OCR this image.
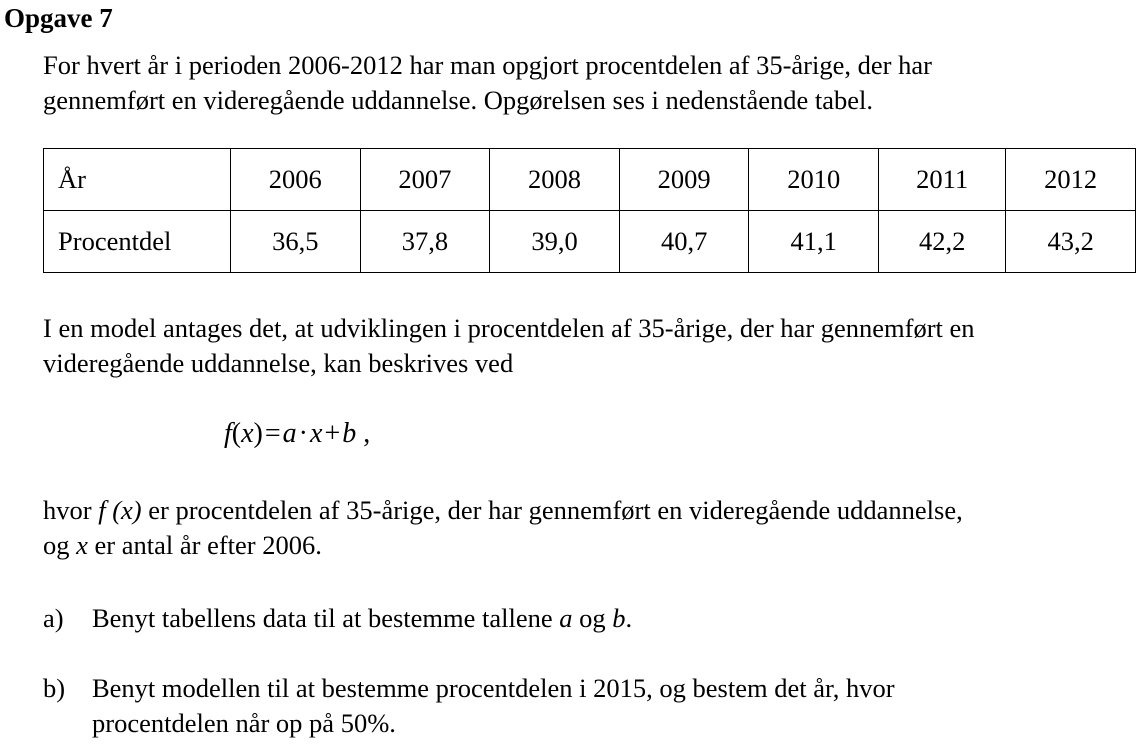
Opgave 7

For hvert år i perioden 2006-2012 har man opgjort procentdelen af 35-årige, der har
gennemført en videregående uddannelse. Opgørelsen ses i nedenstående tabel.

År	2006	2007	2008	2009	2010	2011	2012
Procentdel	36,5	37,8	39,0	40,7	41,1	42,2	43,2

I en model antages det, at udviklingen i procentdelen af 35-årige, der har gennemført en
videregående uddannelse, kan beskrives ved

f(x)=a·x+b ,

hvor f (x) er procentdelen af 35-årige, der har gennemført en videregående uddannelse,
og x er antal år efter 2006.

a) Benyt tabellens data til at bestemme tallene a og b.
b) Benyt modellen til at bestemme procentdelen i 2015, og bestem det år, hvor
procentdelen når op på 50%.
